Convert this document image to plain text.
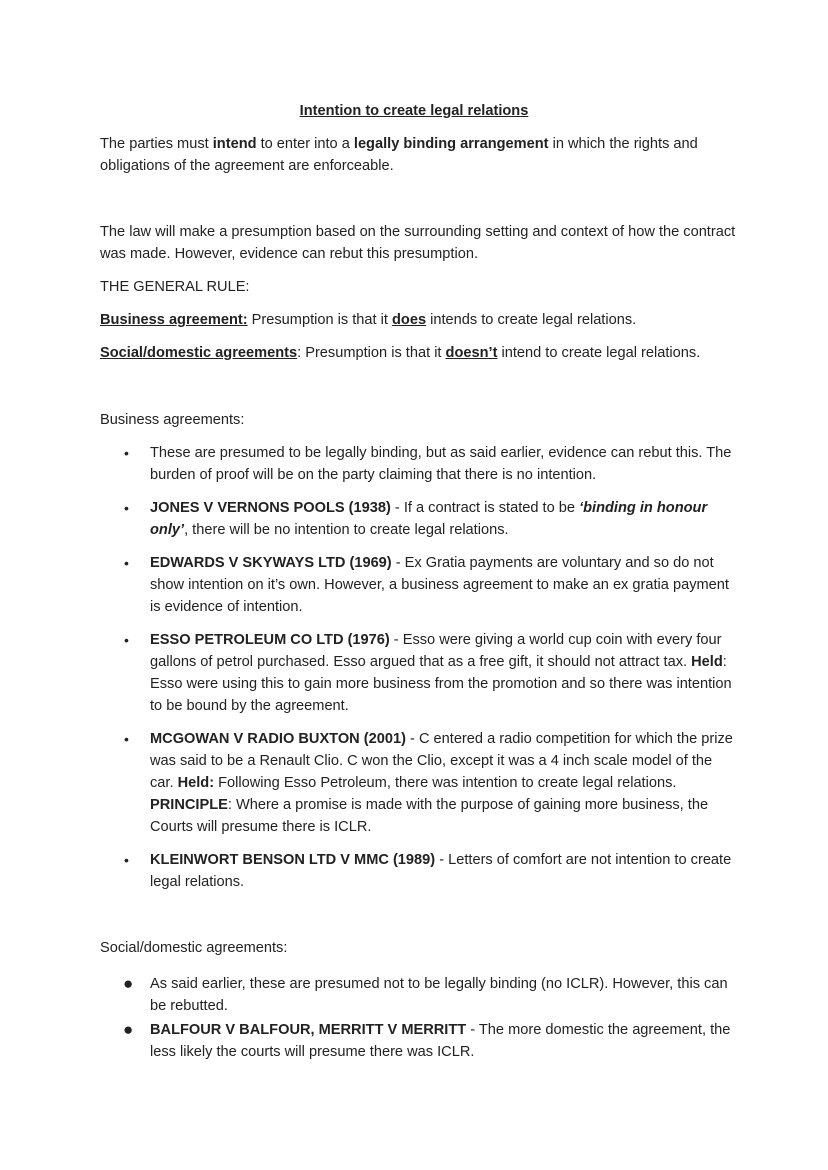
Intention to create legal relations

The parties must intend to enter into a legally binding arrangement in which the rights and obligations of the agreement are enforceable.

The law will make a presumption based on the surrounding setting and context of how the contract was made. However, evidence can rebut this presumption.

THE GENERAL RULE:

Business agreement: Presumption is that it does intends to create legal relations.

Social/domestic agreements: Presumption is that it doesn’t intend to create legal relations.

Business agreements:

•	These are presumed to be legally binding, but as said earlier, evidence can rebut this. The burden of proof will be on the party claiming that there is no intention.

•	JONES V VERNONS POOLS (1938) - If a contract is stated to be ‘binding in honour only’, there will be no intention to create legal relations.

•	EDWARDS V SKYWAYS LTD (1969) - Ex Gratia payments are voluntary and so do not show intention on it’s own. However, a business agreement to make an ex gratia payment is evidence of intention.

•	ESSO PETROLEUM CO LTD (1976) - Esso were giving a world cup coin with every four gallons of petrol purchased. Esso argued that as a free gift, it should not attract tax. Held: Esso were using this to gain more business from the promotion and so there was intention to be bound by the agreement.

•	MCGOWAN V RADIO BUXTON (2001) - C entered a radio competition for which the prize was said to be a Renault Clio. C won the Clio, except it was a 4 inch scale model of the car. Held: Following Esso Petroleum, there was intention to create legal relations. PRINCIPLE: Where a promise is made with the purpose of gaining more business, the Courts will presume there is ICLR.

•	KLEINWORT BENSON LTD V MMC (1989) - Letters of comfort are not intention to create legal relations.

Social/domestic agreements:

● As said earlier, these are presumed not to be legally binding (no ICLR). However, this can be rebutted.

● BALFOUR V BALFOUR, MERRITT V MERRITT - The more domestic the agreement, the less likely the courts will presume there was ICLR.
